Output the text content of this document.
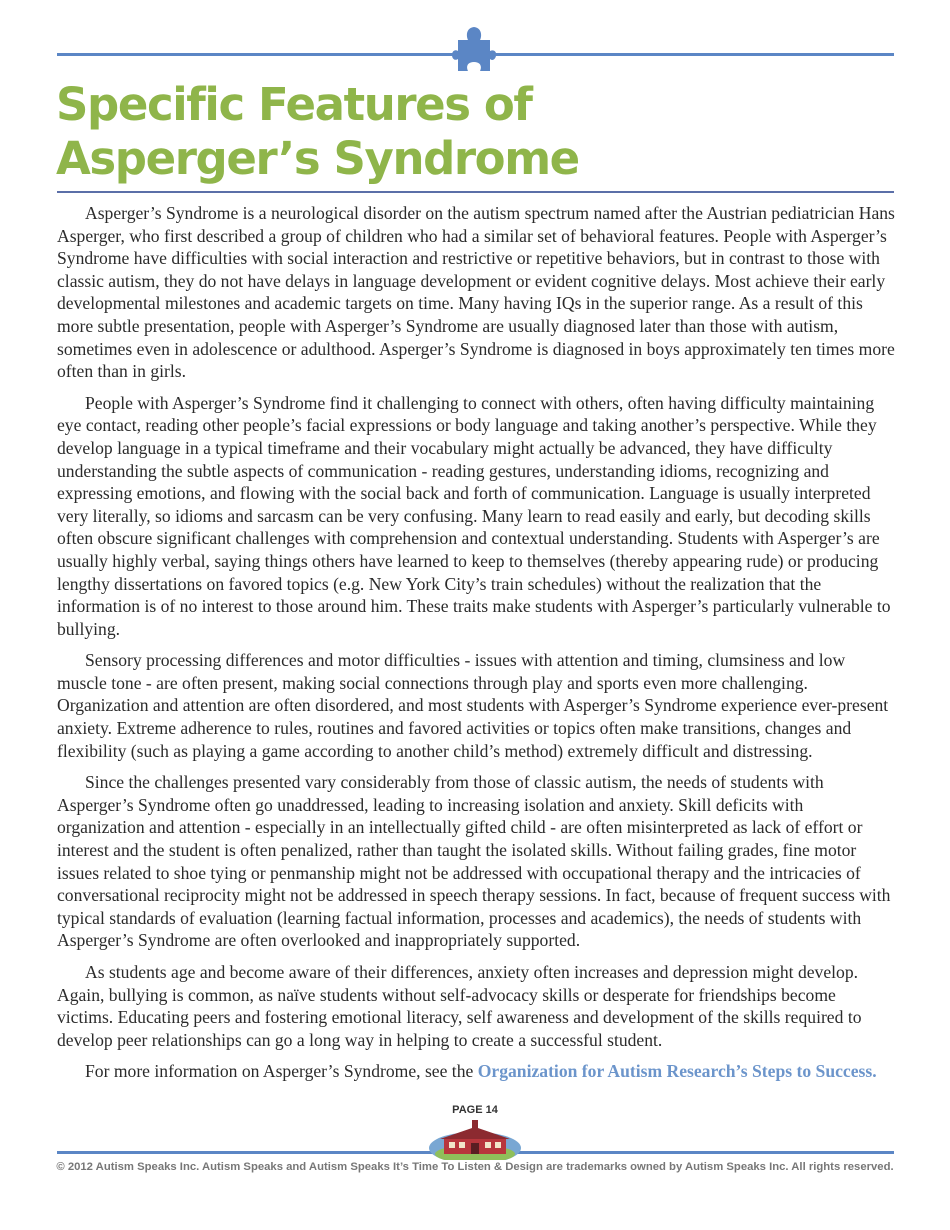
Specific Features of
Asperger’s Syndrome

Asperger’s Syndrome is a neurological disorder on the autism spectrum named after the Austrian pediatrician Hans Asperger, who first described a group of children who had a similar set of behavioral features. People with Asperger’s Syndrome have difficulties with social interaction and restrictive or repetitive behaviors, but in contrast to those with classic autism, they do not have delays in language development or evident cognitive delays. Most achieve their early developmental milestones and academic targets on time. Many having IQs in the superior range. As a result of this more subtle presentation, people with Asperger’s Syndrome are usually diagnosed later than those with autism, sometimes even in adolescence or adulthood. Asperger’s Syndrome is diagnosed in boys approximately ten times more often than in girls.

People with Asperger’s Syndrome find it challenging to connect with others, often having difficulty maintaining eye contact, reading other people’s facial expressions or body language and taking another’s perspective. While they develop language in a typical timeframe and their vocabulary might actually be advanced, they have difficulty understanding the subtle aspects of communication - reading gestures, understanding idioms, recognizing and expressing emotions, and flowing with the social back and forth of communication. Language is usually interpreted very literally, so idioms and sarcasm can be very confusing. Many learn to read easily and early, but decoding skills often obscure significant challenges with comprehension and contextual understanding. Students with Asperger’s are usually highly verbal, saying things others have learned to keep to themselves (thereby appearing rude) or producing lengthy dissertations on favored topics (e.g. New York City’s train schedules) without the realization that the information is of no interest to those around him. These traits make students with Asperger’s particularly vulnerable to bullying.

Sensory processing differences and motor difficulties - issues with attention and timing, clumsiness and low muscle tone - are often present, making social connections through play and sports even more challenging. Organization and attention are often disordered, and most students with Asperger’s Syndrome experience ever-present anxiety. Extreme adherence to rules, routines and favored activities or topics often make transitions, changes and flexibility (such as playing a game according to another child’s method) extremely difficult and distressing.

Since the challenges presented vary considerably from those of classic autism, the needs of students with Asperger’s Syndrome often go unaddressed, leading to increasing isolation and anxiety. Skill deficits with organization and attention - especially in an intellectually gifted child - are often misinterpreted as lack of effort or interest and the student is often penalized, rather than taught the isolated skills. Without failing grades, fine motor issues related to shoe tying or penmanship might not be addressed with occupational therapy and the intricacies of conversational reciprocity might not be addressed in speech therapy sessions. In fact, because of frequent success with typical standards of evaluation (learning factual information, processes and academics), the needs of students with Asperger’s Syndrome are often overlooked and inappropriately supported.

As students age and become aware of their differences, anxiety often increases and depression might develop. Again, bullying is common, as naïve students without self-advocacy skills or desperate for friendships become victims. Educating peers and fostering emotional literacy, self awareness and development of the skills required to develop peer relationships can go a long way in helping to create a successful student.

For more information on Asperger’s Syndrome, see the Organization for Autism Research’s Steps to Success.

PAGE 14
© 2012 Autism Speaks Inc. Autism Speaks and Autism Speaks It’s Time To Listen & Design are trademarks owned by Autism Speaks Inc. All rights reserved.
